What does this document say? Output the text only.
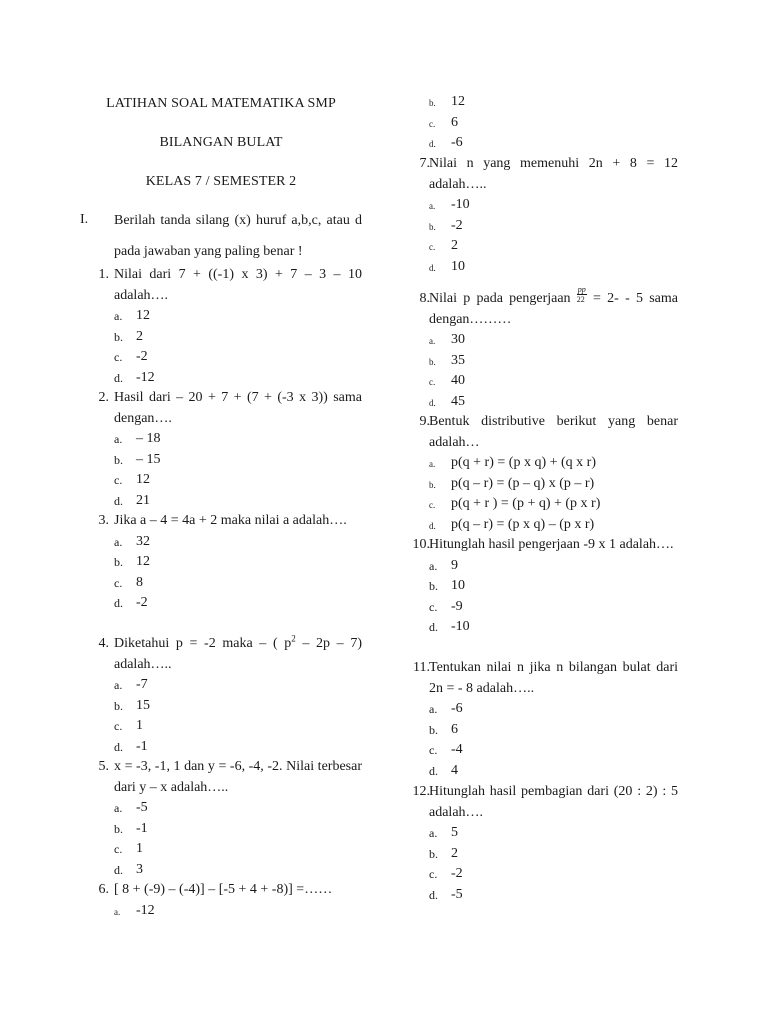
LATIHAN SOAL MATEMATIKA SMP
BILANGAN BULAT
KELAS 7 / SEMESTER 2
I. Berilah tanda silang (x) huruf a,b,c, atau d pada jawaban yang paling benar !
1. Nilai dari 7 + ((-1) x 3) + 7 – 3 – 10 adalah….
a. 12
b. 2
c. -2
d. -12
2. Hasil dari – 20 + 7 + (7 + (-3 x 3)) sama dengan….
a. – 18
b. – 15
c. 12
d. 21
3. Jika a – 4 = 4a + 2 maka nilai a adalah….
a. 32
b. 12
c. 8
d. -2
4. Diketahui p = -2 maka – ( $p^2 - 2p - 7$) adalah…..
a. -7
b. 15
c. 1
d. -1
5. x = -3, -1, 1 dan y = -6, -4, -2. Nilai terbesar dari y – x adalah…..
a. -5
b. -1
c. 1
d. 3
6. [ 8 + (-9) – (-4)] – [-5 + 4 + -8)] =……
a. -12
b. 12
c. 6
d. -6
7. Nilai n yang memenuhi 2n + 8 = 12 adalah…..
a. -10
b. -2
c. 2
d. 10
8. Nilai p pada pengerjaan $\frac{pp}{22} = 2- - 5$ sama dengan………
a. 30
b. 35
c. 40
d. 45
9. Bentuk distributive berikut yang benar adalah…
a. p(q + r) = (p x q) + (q x r)
b. p(q – r) = (p – q) x (p – r)
c. p(q + r ) = (p + q) + (p x r)
d. p(q – r) = (p x q) – (p x r)
10. Hitunglah hasil pengerjaan -9 x 1 adalah….
a. 9
b. 10
c. -9
d. -10
11. Tentukan nilai n jika n bilangan bulat dari 2n = - 8 adalah…..
a. -6
b. 6
c. -4
d. 4
12. Hitunglah hasil pembagian dari (20 : 2) : 5 adalah….
a. 5
b. 2
c. -2
d. -5
